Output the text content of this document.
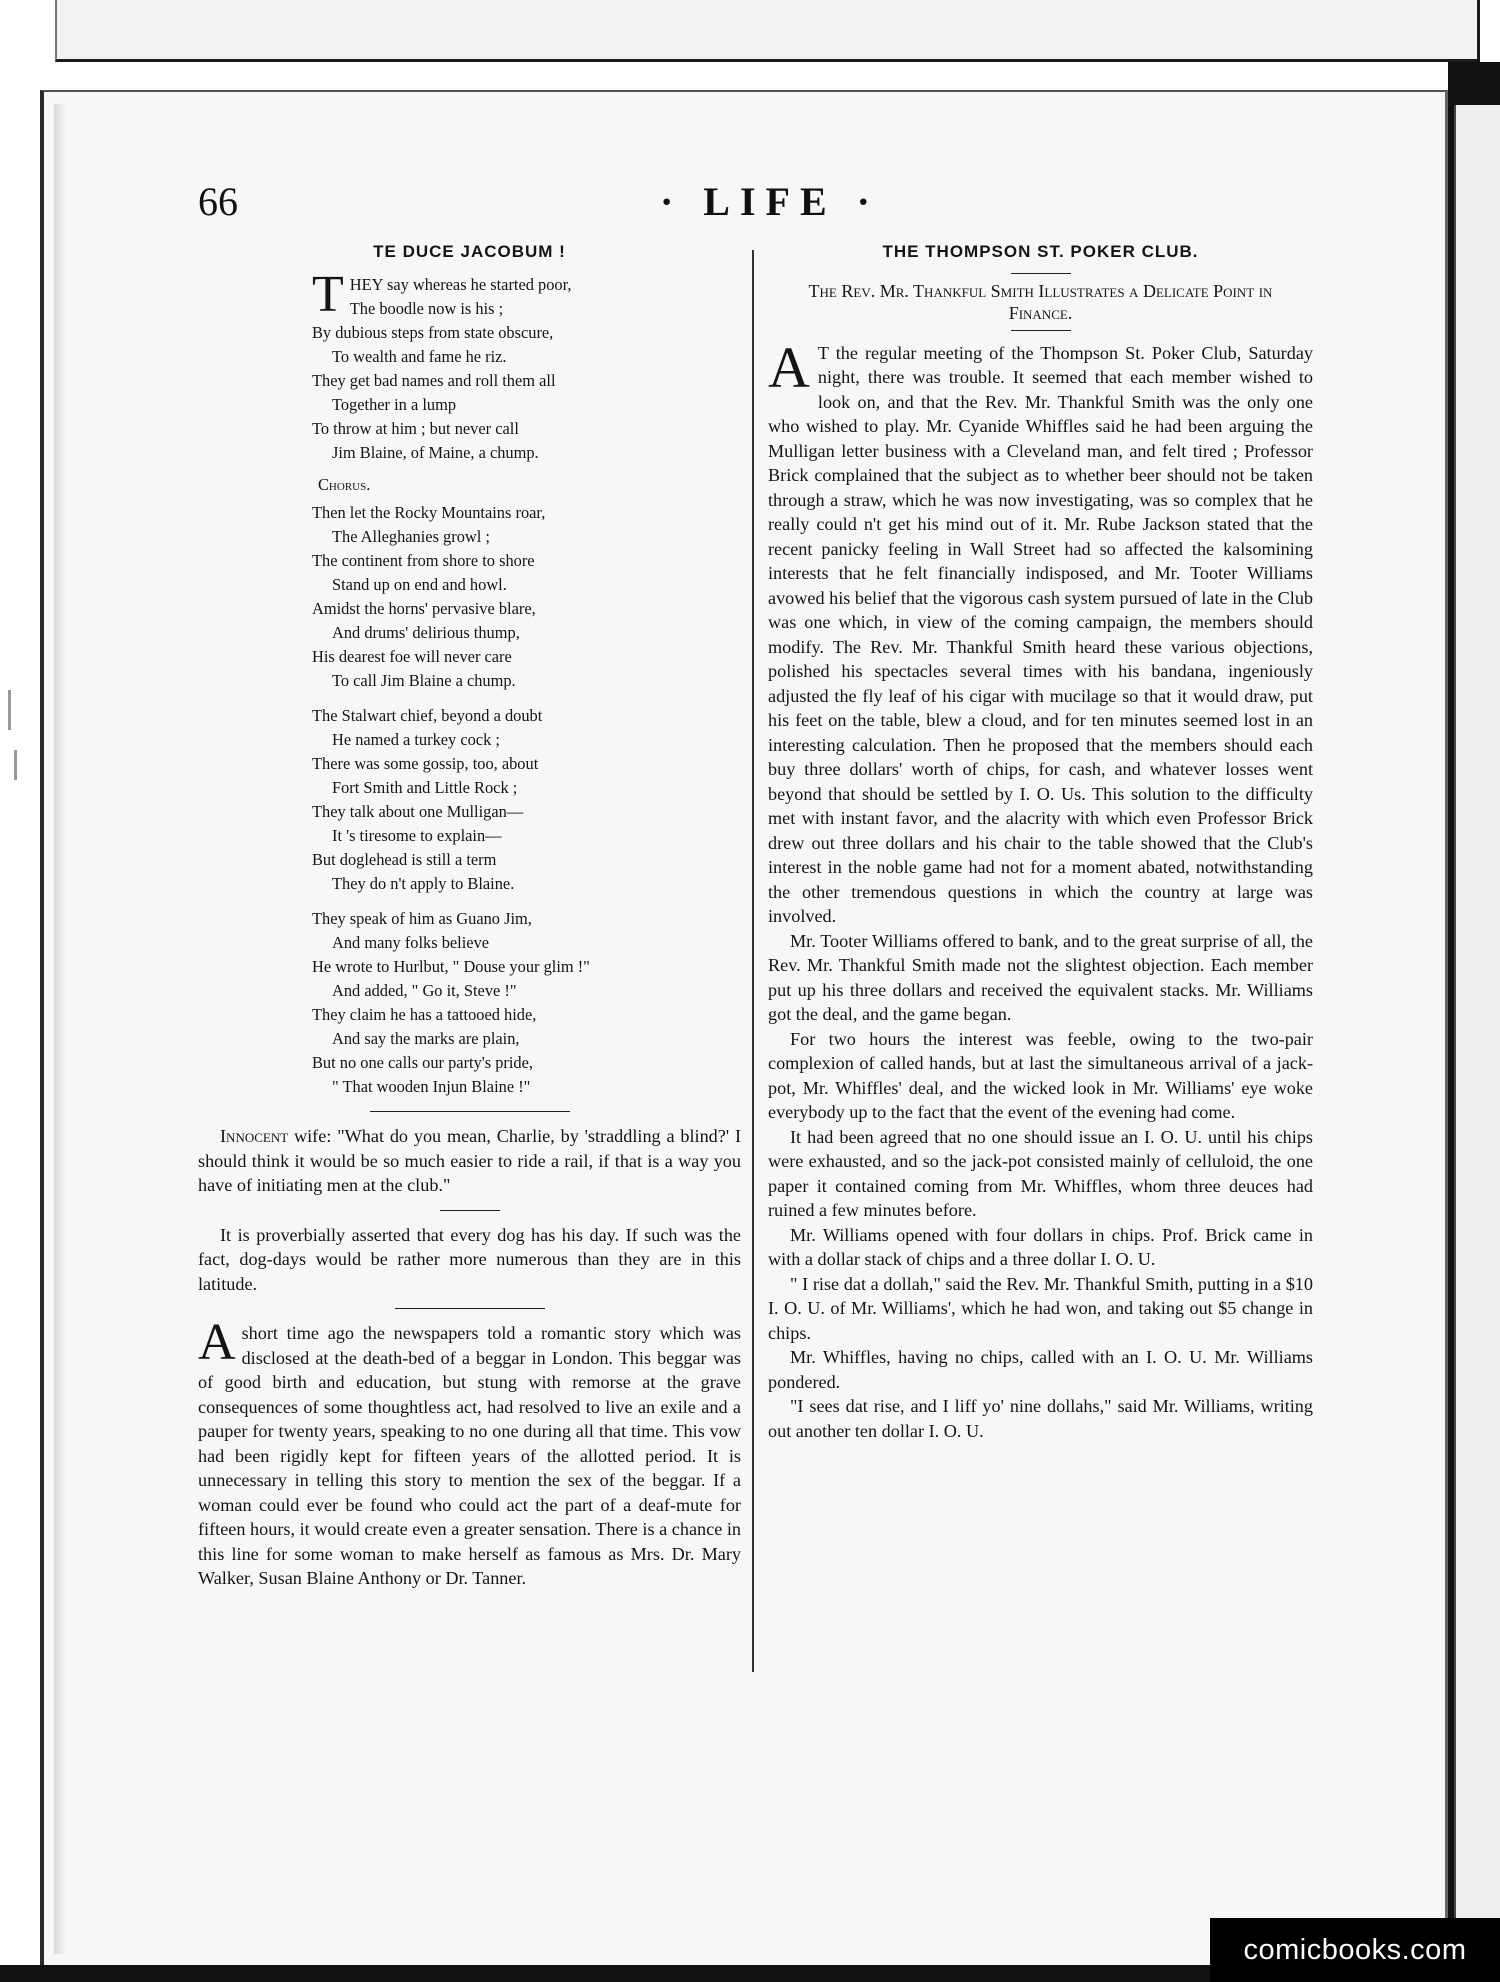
66	· LIFE ·
TE DUCE JACOBUM !
T HEY say whereas he started poor,
The boodle now is his ;
By dubious steps from state obscure,
To wealth and fame he riz.
They get bad names and roll them all
Together in a lump
To throw at him ; but never call
Jim Blaine, of Maine, a chump.
Chorus.
Then let the Rocky Mountains roar,
The Alleghanies growl ;
The continent from shore to shore
Stand up on end and howl.
Amidst the horns' pervasive blare,
And drums' delirious thump,
His dearest foe will never care
To call Jim Blaine a chump.
The Stalwart chief, beyond a doubt
He named a turkey cock ;
There was some gossip, too, about
Fort Smith and Little Rock ;
They talk about one Mulligan—
It 's tiresome to explain—
But doglehead is still a term
They do n't apply to Blaine.
They speak of him as Guano Jim,
And many folks believe
He wrote to Hurlbut, " Douse your glim !"
And added, " Go it, Steve !"
They claim he has a tattooed hide,
And say the marks are plain,
But no one calls our party's pride,
" That wooden Injun Blaine !"

Innocent wife: "What do you mean, Charlie, by 'straddling a blind?' I should think it would be so much easier to ride a rail, if that is a way you have of initiating men at the club."

It is proverbially asserted that every dog has his day. If such was the fact, dog-days would be rather more numerous than they are in this latitude.

Ashort time ago the newspapers told a romantic story which was disclosed at the death-bed of a beggar in London. This beggar was of good birth and education, but stung with remorse at the grave consequences of some thoughtless act, had resolved to live an exile and a pauper for twenty years, speaking to no one during all that time. This vow had been rigidly kept for fifteen years of the allotted period. It is unnecessary in telling this story to mention the sex of the beggar. If a woman could ever be found who could act the part of a deaf-mute for fifteen hours, it would create even a greater sensation. There is a chance in this line for some woman to make herself as famous as Mrs. Dr. Mary Walker, Susan Blaine Anthony or Dr. Tanner.

THE THOMPSON ST. POKER CLUB.
The Rev. Mr. Thankful Smith Illustrates a Delicate Point in Finance.

A T the regular meeting of the Thompson St. Poker Club, Saturday night, there was trouble. It seemed that each member wished to look on, and that the Rev. Mr. Thankful Smith was the only one who wished to play. Mr. Cyanide Whiffles said he had been arguing the Mulligan letter business with a Cleveland man, and felt tired ; Professor Brick complained that the subject as to whether beer should not be taken through a straw, which he was now investigating, was so complex that he really could n't get his mind out of it. Mr. Rube Jackson stated that the recent panicky feeling in Wall Street had so affected the kalsomining interests that he felt financially indisposed, and Mr. Tooter Williams avowed his belief that the vigorous cash system pursued of late in the Club was one which, in view of the coming campaign, the members should modify. The Rev. Mr. Thankful Smith heard these various objections, polished his spectacles several times with his bandana, ingeniously adjusted the fly leaf of his cigar with mucilage so that it would draw, put his feet on the table, blew a cloud, and for ten minutes seemed lost in an interesting calculation. Then he proposed that the members should each buy three dollars' worth of chips, for cash, and whatever losses went beyond that should be settled by I. O. Us. This solution to the difficulty met with instant favor, and the alacrity with which even Professor Brick drew out three dollars and his chair to the table showed that the Club's interest in the noble game had not for a moment abated, notwithstanding the other tremendous questions in which the country at large was involved.

Mr. Tooter Williams offered to bank, and to the great surprise of all, the Rev. Mr. Thankful Smith made not the slightest objection. Each member put up his three dollars and received the equivalent stacks. Mr. Williams got the deal, and the game began.

For two hours the interest was feeble, owing to the two-pair complexion of called hands, but at last the simultaneous arrival of a jack-pot, Mr. Whiffles' deal, and the wicked look in Mr. Williams' eye woke everybody up to the fact that the event of the evening had come.

It had been agreed that no one should issue an I. O. U. until his chips were exhausted, and so the jack-pot consisted mainly of celluloid, the one paper it contained coming from Mr. Whiffles, whom three deuces had ruined a few minutes before.

Mr. Williams opened with four dollars in chips. Prof. Brick came in with a dollar stack of chips and a three dollar I. O. U.

" I rise dat a dollah," said the Rev. Mr. Thankful Smith, putting in a $10 I. O. U. of Mr. Williams', which he had won, and taking out $5 change in chips.

Mr. Whiffles, having no chips, called with an I. O. U. Mr. Williams pondered.

"I sees dat rise, and I liff yo' nine dollahs," said Mr. Williams, writing out another ten dollar I. O. U.

comicbooks.com
